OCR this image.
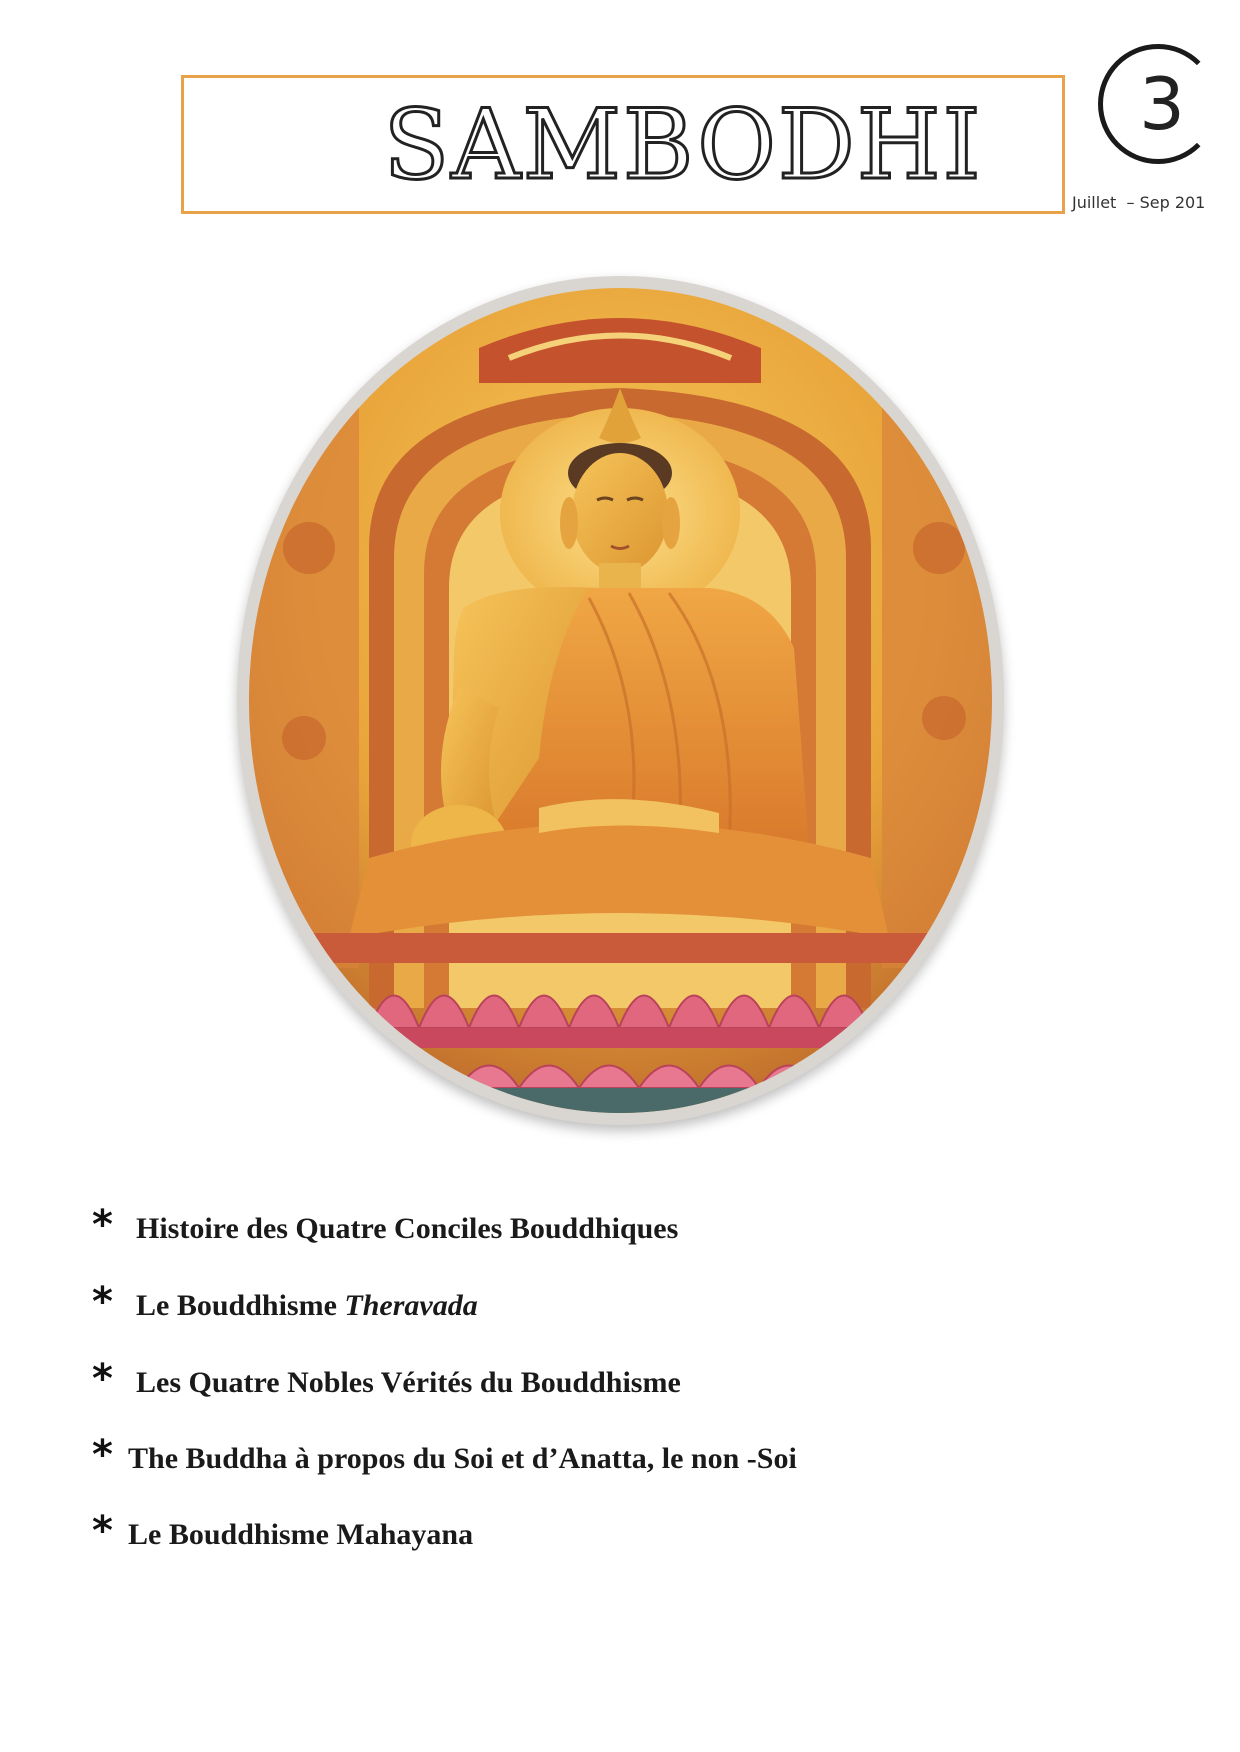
SAMBODHI 3
Juillet  – Sep 201
* Histoire des Quatre Conciles Bouddhiques
* Le Bouddhisme Theravada
* Les Quatre Nobles Vérités du Bouddhisme
* The Buddha à propos du Soi et d’Anatta, le non -Soi
* Le Bouddhisme Mahayana
